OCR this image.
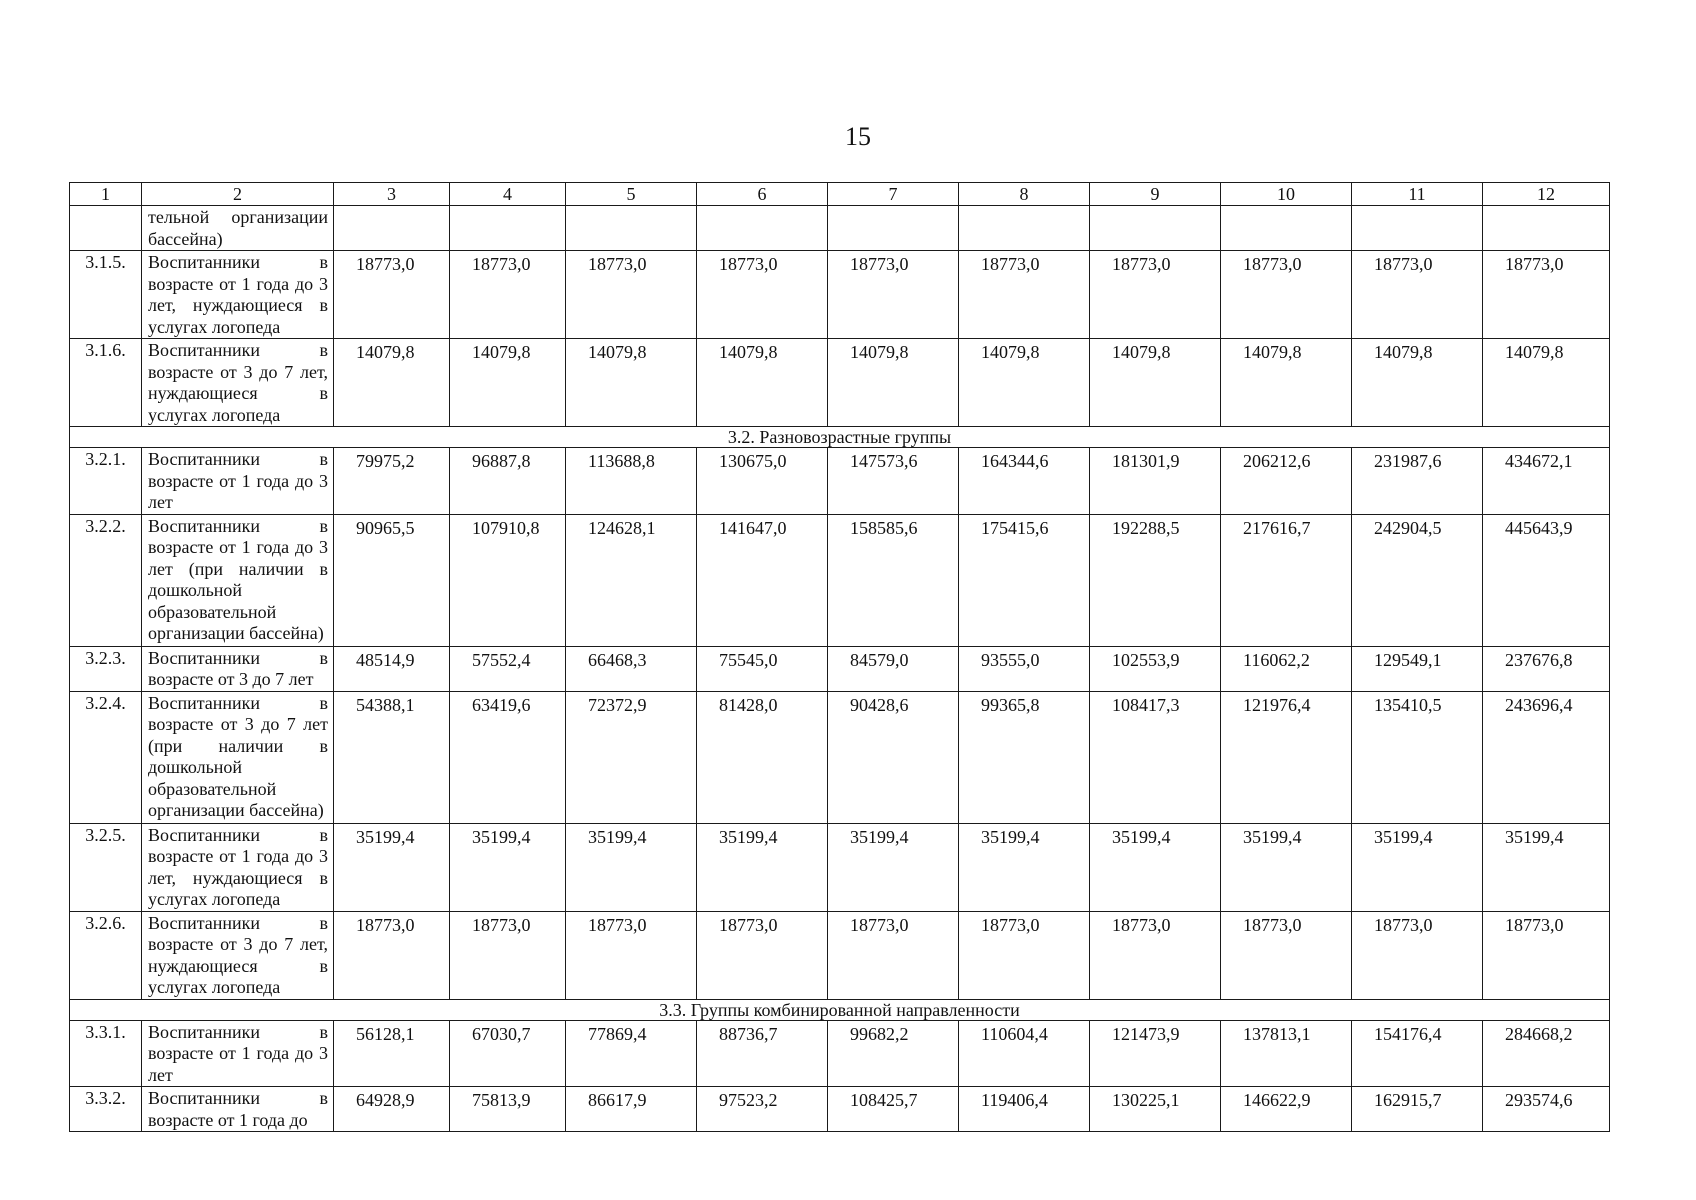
15
1	2	3	4	5	6	7	8	9	10	11	12
	тельной организации бассейна)										
3.1.5.	Воспитанники в возрасте от 1 года до 3 лет, нуждающиеся в услугах логопеда	18773,0	18773,0	18773,0	18773,0	18773,0	18773,0	18773,0	18773,0	18773,0	18773,0
3.1.6.	Воспитанники в возрасте от 3 до 7 лет, нуждающиеся в услугах логопеда	14079,8	14079,8	14079,8	14079,8	14079,8	14079,8	14079,8	14079,8	14079,8	14079,8
3.2. Разновозрастные группы											
3.2.1.	Воспитанники в возрасте от 1 года до 3 лет	79975,2	96887,8	113688,8	130675,0	147573,6	164344,6	181301,9	206212,6	231987,6	434672,1
3.2.2.	Воспитанники в возрасте от 1 года до 3 лет (при наличии в дошкольной образовательной организации бассейна)	90965,5	107910,8	124628,1	141647,0	158585,6	175415,6	192288,5	217616,7	242904,5	445643,9
3.2.3.	Воспитанники в возрасте от 3 до 7 лет	48514,9	57552,4	66468,3	75545,0	84579,0	93555,0	102553,9	116062,2	129549,1	237676,8
3.2.4.	Воспитанники в возрасте от 3 до 7 лет (при наличии в дошкольной образовательной организации бассейна)	54388,1	63419,6	72372,9	81428,0	90428,6	99365,8	108417,3	121976,4	135410,5	243696,4
3.2.5.	Воспитанники в возрасте от 1 года до 3 лет, нуждающиеся в услугах логопеда	35199,4	35199,4	35199,4	35199,4	35199,4	35199,4	35199,4	35199,4	35199,4	35199,4
3.2.6.	Воспитанники в возрасте от 3 до 7 лет, нуждающиеся в услугах логопеда	18773,0	18773,0	18773,0	18773,0	18773,0	18773,0	18773,0	18773,0	18773,0	18773,0
3.3. Группы комбинированной направленности											
3.3.1.	Воспитанники в возрасте от 1 года до 3 лет	56128,1	67030,7	77869,4	88736,7	99682,2	110604,4	121473,9	137813,1	154176,4	284668,2
3.3.2.	Воспитанники в возрасте от 1 года до	64928,9	75813,9	86617,9	97523,2	108425,7	119406,4	130225,1	146622,9	162915,7	293574,6
